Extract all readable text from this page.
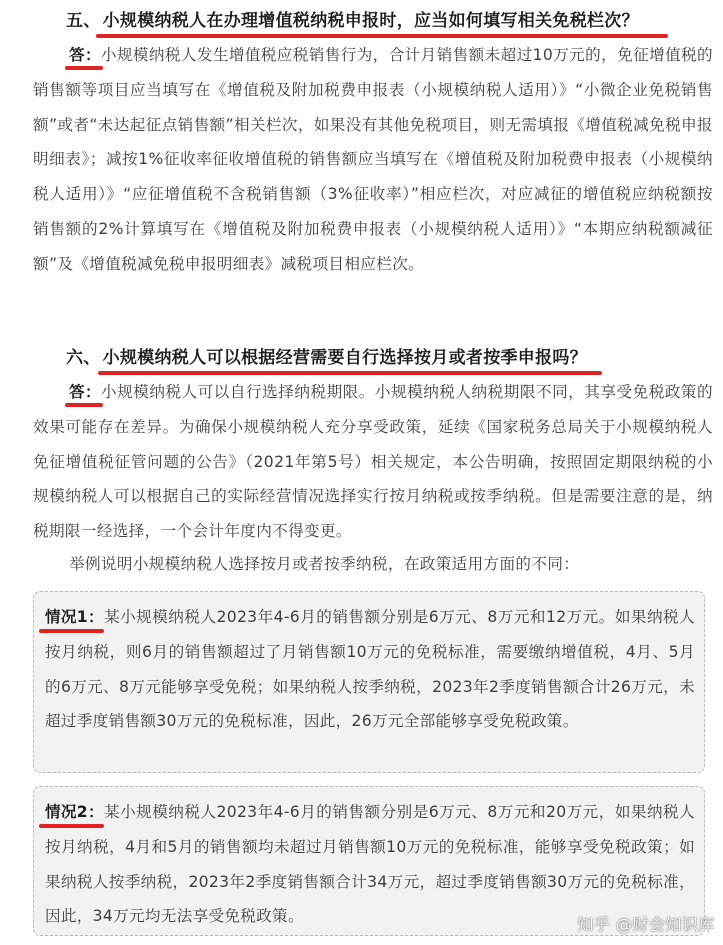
五、 小规模纳税人在办理增值税纳税申报时，应当如何填写相关免税栏次？
答：小规模纳税人发生增值税应税销售行为，合计月销售额未超过10万元的，免征增值税的销售额等项目应当填写在《增值税及附加税费申报表（小规模纳税人适用）》“小微企业免税销售额”或者“未达起征点销售额”相关栏次，如果没有其他免税项目，则无需填报《增值税减免税申报明细表》；减按1%征收率征收增值税的销售额应当填写在《增值税及附加税费申报表（小规模纳税人适用）》“应征增值税不含税销售额（3%征收率）”相应栏次，对应减征的增值税应纳税额按销售额的2%计算填写在《增值税及附加税费申报表（小规模纳税人适用）》“本期应纳税额减征额”及《增值税减免税申报明细表》减税项目相应栏次。
六、 小规模纳税人可以根据经营需要自行选择按月或者按季申报吗？
答：小规模纳税人可以自行选择纳税期限。小规模纳税人纳税期限不同，其享受免税政策的效果可能存在差异。为确保小规模纳税人充分享受政策，延续《国家税务总局关于小规模纳税人免征增值税征管问题的公告》（2021年第5号）相关规定，本公告明确，按照固定期限纳税的小规模纳税人可以根据自己的实际经营情况选择实行按月纳税或按季纳税。但是需要注意的是，纳税期限一经选择，一个会计年度内不得变更。
举例说明小规模纳税人选择按月或者按季纳税，在政策适用方面的不同：
情况1：某小规模纳税人2023年4-6月的销售额分别是6万元、8万元和12万元。如果纳税人按月纳税，则6月的销售额超过了月销售额10万元的免税标准，需要缴纳增值税，4月、5月的6万元、8万元能够享受免税；如果纳税人按季纳税，2023年2季度销售额合计26万元，未超过季度销售额30万元的免税标准，因此，26万元全部能够享受免税政策。
情况2：某小规模纳税人2023年4-6月的销售额分别是6万元、8万元和20万元，如果纳税人按月纳税，4月和5月的销售额均未超过月销售额10万元的免税标准，能够享受免税政策；如果纳税人按季纳税，2023年2季度销售额合计34万元，超过季度销售额30万元的免税标准，因此，34万元均无法享受免税政策。	知乎 @财会知识库
